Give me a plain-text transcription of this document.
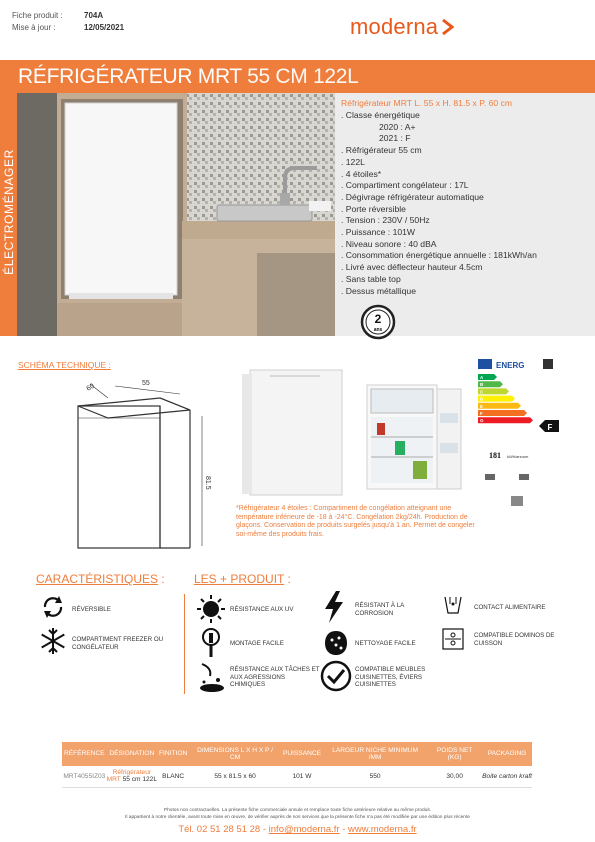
Fiche produit :	704A
Mise à jour :	12/05/2021	moderna
RÉFRIGÉRATEUR MRT 55 CM 122L
ÉLECTROMÉNAGER
Réfrigérateur MRT L. 55 x H. 81.5 x P. 60 cm
. Classe énergétique
2020 : A+
2021 : F
. Réfrigérateur 55 cm
. 122L
. 4 étoiles*
. Compartiment congélateur : 17L
. Dégivrage réfrigérateur automatique
. Porte réversible
. Tension : 230V / 50Hz
. Puissance : 101W
. Niveau sonore : 40 dBA
. Consommation énergétique annuelle : 181kWh/an
. Livré avec déflecteur hauteur 4.5cm
. Sans table top
. Dessus métallique
2
ans
SCHÉMA TECHNIQUE :
60	55
81.5
ENERG
A
B
C
D
E
F
G
F
181 kWh/annum
*Réfrigérateur 4 étoiles : Compartiment de congélation atteignant une température inférieure de -18 à -24°C. Congélation 2kg/24h. Production de glaçons. Conservation de produits surgelés jusqu'à 1 an. Permet de congeler soi-même des produits frais.
CARACTÉRISTIQUES :
RÉVERSIBLE
COMPARTIMENT FREEZER OU CONGÉLATEUR
LES + PRODUIT :
RÉSISTANCE AUX UV
RÉSISTANT À LA CORROSION
CONTACT ALIMENTAIRE
MONTAGE FACILE	NETTOYAGE FACILE
COMPATIBLE DOMINOS DE CUISSON
RÉSISTANCE AUX TÂCHES ET AUX AGRESSIONS CHIMIQUES
COMPATIBLE MEUBLES CUISINETTES, ÉVIERS CUISINETTES
RÉFÉRENCE	DÉSIGNATION	FINITION	DIMENSIONS L X H X P / CM	PUISSANCE	LARGEUR NICHE MINIMUM /MM	POIDS NET (KG)	PACKAGING
MRT4055IZ03	Réfrigérateur
MRT 55 cm 122L	BLANC	55 x 81.5 x 60	101 W	550	30,00	Boite carton kraft
Photos non contractuelles. La présente fiche commerciale annule et remplace toute fiche antérieure relative au même produit.
Il appartient à notre clientèle, avant toute mise en œuvre, de vérifier auprès de nos services que la présente fiche n'a pas été modifiée par une édition plus récente
Tél. 02 51 28 51 28 - info@moderna.fr - www.moderna.fr
